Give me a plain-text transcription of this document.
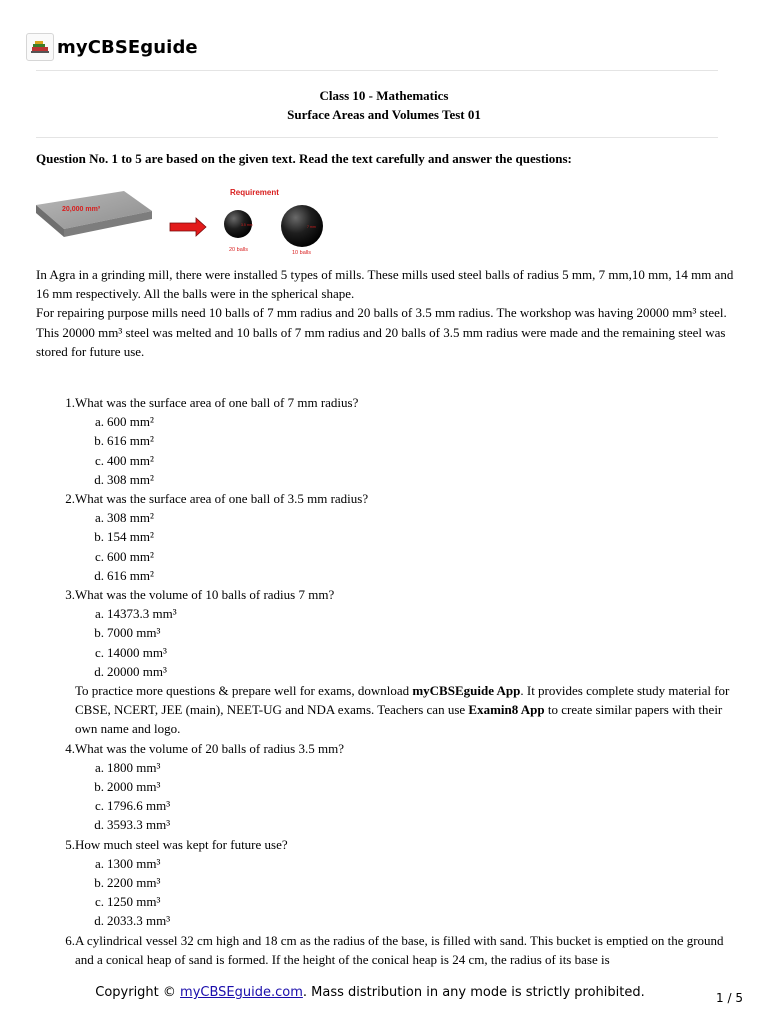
myCBSEguide
Class 10 - Mathematics
Surface Areas and Volumes Test 01
Question No. 1 to 5 are based on the given text. Read the text carefully and answer the questions:
20,000 mm³
Requirement
3.5 mm
20 balls
7 mm
10 balls

In Agra in a grinding mill, there were installed 5 types of mills. These mills used steel balls of radius 5 mm, 7 mm,10 mm, 14 mm and 16 mm respectively. All the balls were in the spherical shape.

For repairing purpose mills need 10 balls of 7 mm radius and 20 balls of 3.5 mm radius. The workshop was having 20000 mm³ steel.

This 20000 mm³ steel was melted and 10 balls of 7 mm radius and 20 balls of 3.5 mm radius were made and the remaining steel was stored for future use.

1. What was the surface area of one ball of 7 mm radius?
a. 600 mm²
b. 616 mm²
c. 400 mm²
d. 308 mm²
2. What was the surface area of one ball of 3.5 mm radius?
a. 308 mm²
b. 154 mm²
c. 600 mm²
d. 616 mm²
3. What was the volume of 10 balls of radius 7 mm?
a. 14373.3 mm³
b. 7000 mm³
c. 14000 mm³
d. 20000 mm³
To practice more questions & prepare well for exams, download myCBSEguide App. It provides complete study material for CBSE, NCERT, JEE (main), NEET-UG and NDA exams. Teachers can use Examin8 App to create similar papers with their own name and logo.
4. What was the volume of 20 balls of radius 3.5 mm?
a. 1800 mm³
b. 2000 mm³
c. 1796.6 mm³
d. 3593.3 mm³
5. How much steel was kept for future use?
a. 1300 mm³
b. 2200 mm³
c. 1250 mm³
d. 2033.3 mm³
6. A cylindrical vessel 32 cm high and 18 cm as the radius of the base, is filled with sand. This bucket is emptied on the ground and a conical heap of sand is formed. If the height of the conical heap is 24 cm, the radius of its base is
Copyright © myCBSEguide.com. Mass distribution in any mode is strictly prohibited.	1 / 5
